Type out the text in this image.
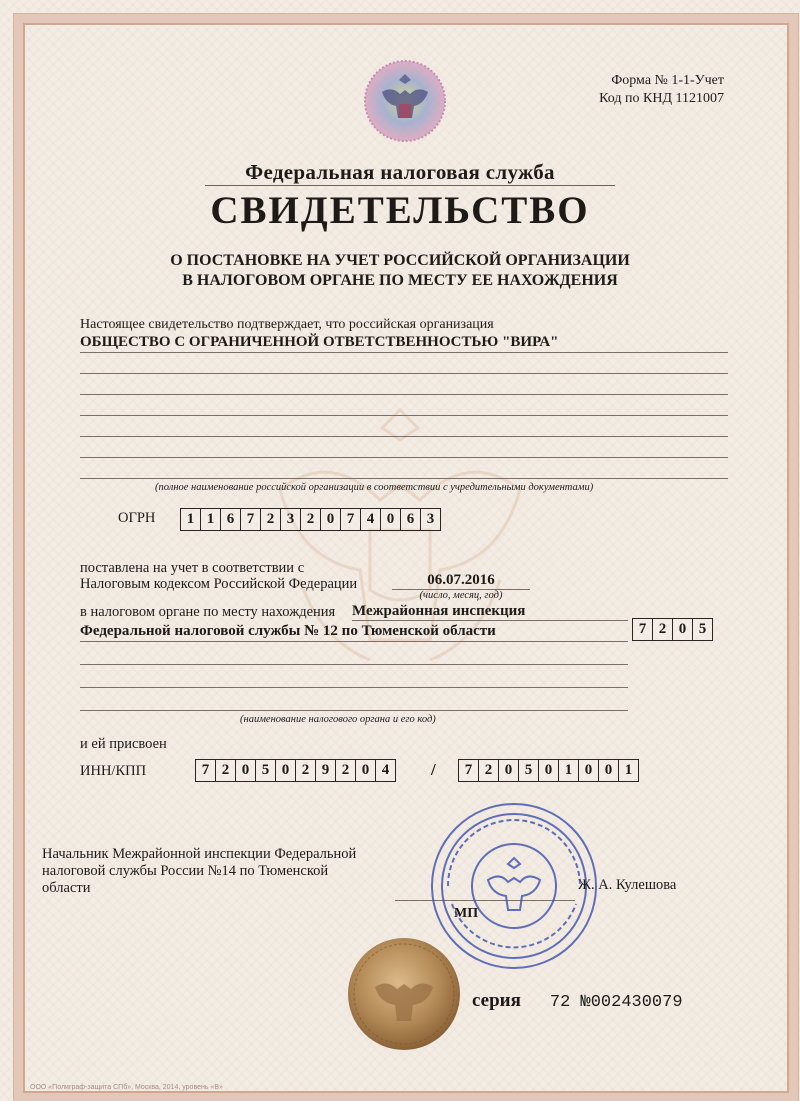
Форма № 1-1-Учет
Код по КНД 1121007
Федеральная налоговая служба
СВИДЕТЕЛЬСТВО
О ПОСТАНОВКЕ НА УЧЕТ РОССИЙСКОЙ ОРГАНИЗАЦИИ
В НАЛОГОВОМ ОРГАНЕ ПО МЕСТУ ЕЕ НАХОЖДЕНИЯ
Настоящее свидетельство подтверждает, что российская организация
ОБЩЕСТВО С ОГРАНИЧЕННОЙ ОТВЕТСТВЕННОСТЬЮ "ВИРА"
(полное наименование российской организации в соответствии с учредительными документами)
ОГРН	1 1 6 7 2 3 2 0 7 4 0 6 3
поставлена на учет в соответствии с
Налоговым кодексом Российской Федерации	06.07.2016
(число, месяц, год)
в налоговом органе по месту нахождения Межрайонная инспекция
Федеральной налоговой службы № 12 по Тюменской области	7 2 0 5
(наименование налогового органа и его код)
и ей присвоен
ИНН/КПП	7 2 0 5 0 2 9 2 0 4	/	7 2 0 5 0 1 0 0 1
Начальник Межрайонной инспекции Федеральной
налоговой службы России №14 по Тюменской
области	Ж. А. Кулешова
МП
серия 72 №002430079
ООО «Полиграф-защита СПб», Москва, 2014, уровень «В»
